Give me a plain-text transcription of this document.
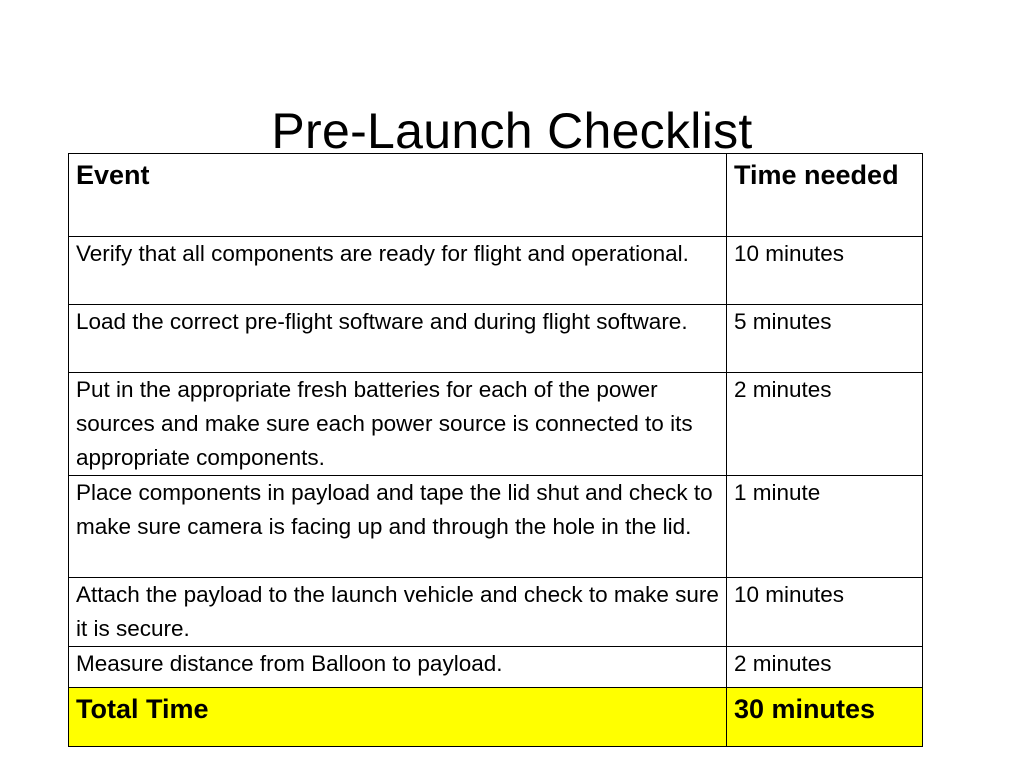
Pre-Launch Checklist
Event	Time needed
Verify that all components are ready for flight and operational.	10 minutes
Load the correct pre-flight software and during flight software.	5 minutes
Put in the appropriate fresh batteries for each of the power sources and make sure each power source is connected to its appropriate components.	2 minutes
Place components in payload and tape the lid shut and check to make sure camera is facing up and through the hole in the lid.	1 minute
Attach the payload to the launch vehicle and check to make sure it is secure.	10 minutes
Measure distance from Balloon to payload.	2 minutes
Total Time	30 minutes
